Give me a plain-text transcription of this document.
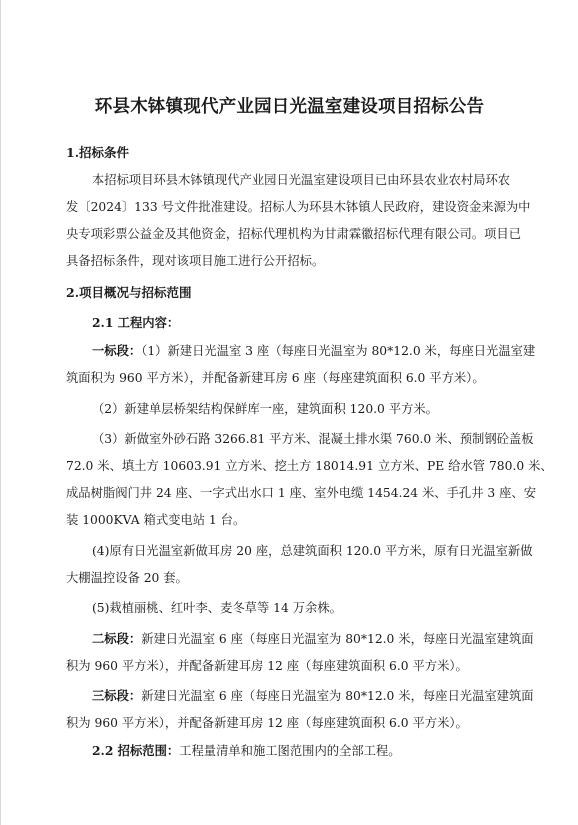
环县木钵镇现代产业园日光温室建设项目招标公告
1.招标条件
本招标项目环县木钵镇现代产业园日光温室建设项目已由环县农业农村局环农
发〔2024〕133 号文件批准建设。招标人为环县木钵镇人民政府，建设资金来源为中
央专项彩票公益金及其他资金，招标代理机构为甘肃霖徽招标代理有限公司。项目已
具备招标条件，现对该项目施工进行公开招标。
2.项目概况与招标范围
2.1 工程内容：
一标段：（1）新建日光温室 3 座（每座日光温室为 80*12.0 米，每座日光温室建
筑面积为 960 平方米），并配备新建耳房 6 座（每座建筑面积 6.0 平方米）。
（2）新建单层桥架结构保鲜库一座，建筑面积 120.0 平方米。
（3）新做室外砂石路 3266.81 平方米、混凝土排水渠 760.0 米、预制钢砼盖板
72.0 米、填土方 10603.91 立方米、挖土方 18014.91 立方米、PE 给水管 780.0 米、
成品树脂阀门井 24 座、一字式出水口 1 座、室外电缆 1454.24 米、手孔井 3 座、安
装 1000KVA 箱式变电站 1 台。
(4)原有日光温室新做耳房 20 座，总建筑面积 120.0 平方米，原有日光温室新做
大棚温控设备 20 套。
(5)栽植丽桃、红叶李、麦冬草等 14 万余株。
二标段：新建日光温室 6 座（每座日光温室为 80*12.0 米，每座日光温室建筑面
积为 960 平方米），并配备新建耳房 12 座（每座建筑面积 6.0 平方米）。
三标段：新建日光温室 6 座（每座日光温室为 80*12.0 米，每座日光温室建筑面
积为 960 平方米），并配备新建耳房 12 座（每座建筑面积 6.0 平方米）。
2.2 招标范围：工程量清单和施工图范围内的全部工程。
